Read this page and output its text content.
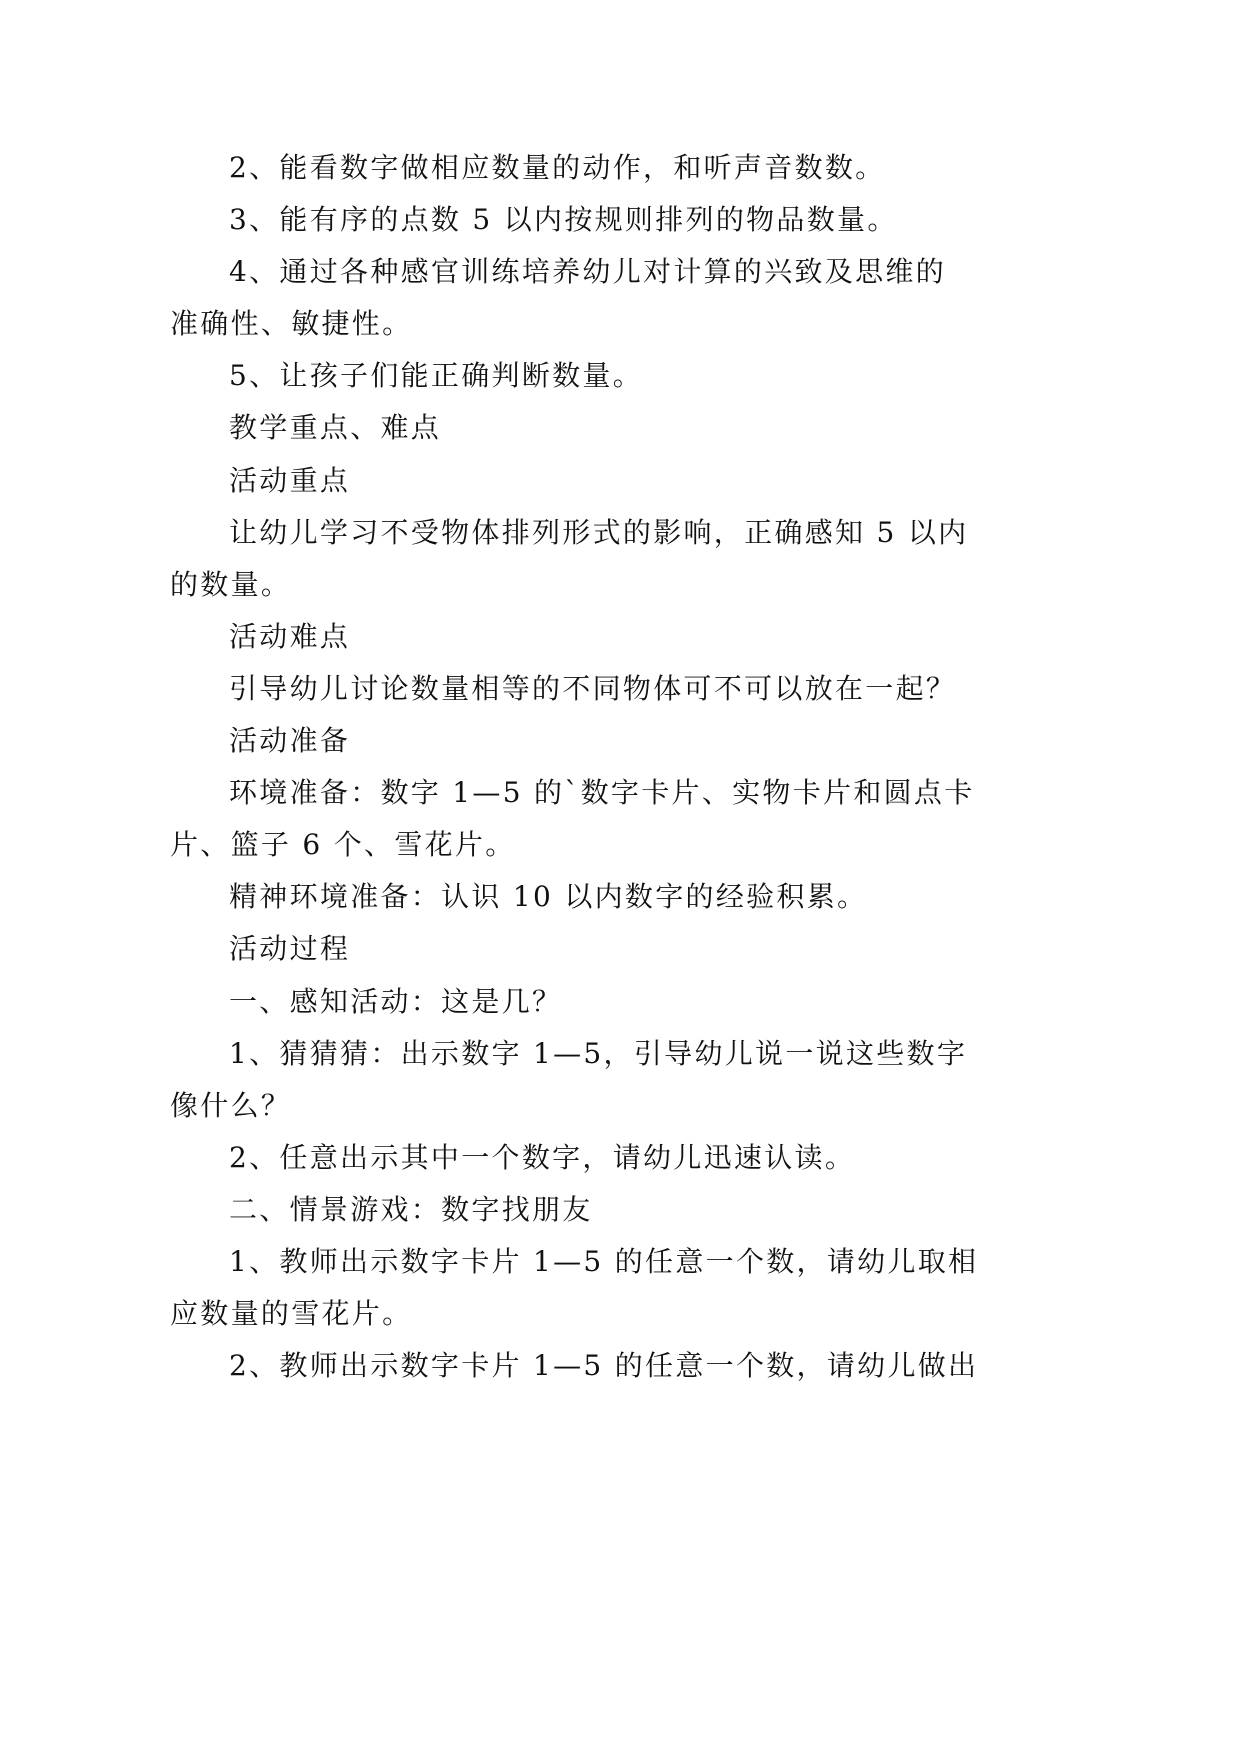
2、能看数字做相应数量的动作，和听声音数数。
3、能有序的点数 5 以内按规则排列的物品数量。
4、通过各种感官训练培养幼儿对计算的兴致及思维的
准确性、敏捷性。
5、让孩子们能正确判断数量。
教学重点、难点
活动重点
让幼儿学习不受物体排列形式的影响，正确感知 5 以内
的数量。
活动难点
引导幼儿讨论数量相等的不同物体可不可以放在一起？
活动准备
环境准备：数字 1—5 的`数字卡片、实物卡片和圆点卡
片、篮子 6 个、雪花片。
精神环境准备：认识 10 以内数字的经验积累。
活动过程
一、感知活动：这是几？
1、猜猜猜：出示数字 1—5，引导幼儿说一说这些数字
像什么？
2、任意出示其中一个数字，请幼儿迅速认读。
二、情景游戏：数字找朋友
1、教师出示数字卡片 1—5 的任意一个数，请幼儿取相
应数量的雪花片。
2、教师出示数字卡片 1—5 的任意一个数，请幼儿做出
